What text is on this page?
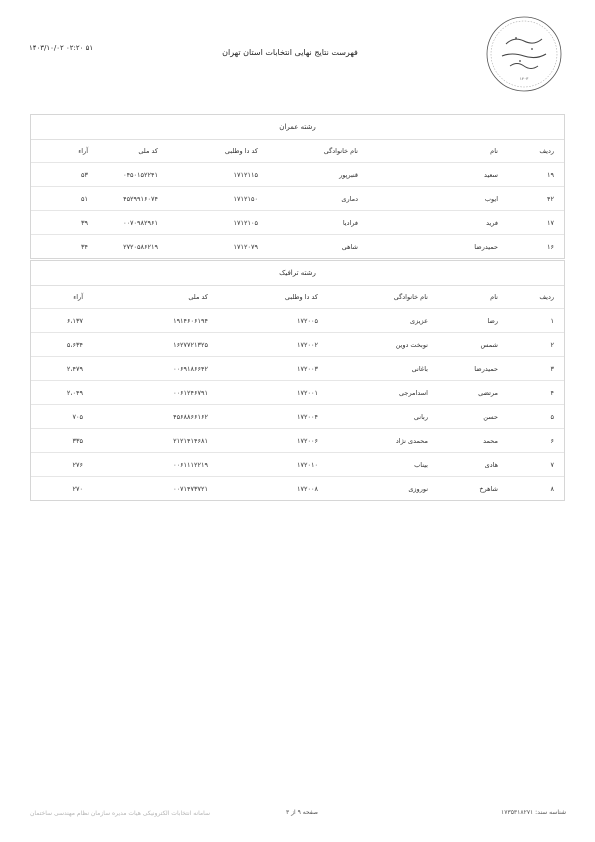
۱۴۰۳/۱۰/۰۲ ۰۲:۲۰ ۵۱	فهرست نتایج نهایی انتخابات استان تهران
۱۴۰۳
رشته عمران
ردیف	نام	نام خانوادگی	کد دا وطلبی	کد ملی	آراء
۱۹	سعید	قنبرپور	۱۷۱۲۱۱۵	۰۴۵۰۱۵۲۲۴۱	۵۳
۴۲	ایوب	دماری	۱۷۱۲۱۵۰	۴۵۲۹۹۱۶۰۷۴	۵۱
۱۷	فرید	فرادیا	۱۷۱۲۱۰۵	۰۰۷۰۹۸۲۹۶۱	۳۹
۱۶	حمیدرضا	شاهی	۱۷۱۲۰۷۹	۲۷۲۰۵۸۶۲۱۹	۳۴
رشته ترافیک
ردیف	نام	نام خانوادگی	کد دا وطلبی	کد ملی	آراء
۱	رضا	عزیزی	۱۷۲۰۰۵	۱۹۱۴۶۰۶۱۹۴	۶،۱۳۷
۲	شمس	نوبخت دوین	۱۷۲۰۰۲	۱۶۲۷۷۲۱۳۲۵	۵،۶۳۴
۳	حمیدرضا	باغانی	۱۷۲۰۰۳	۰۰۶۹۱۸۶۶۴۲	۲،۴۷۹
۴	مرتضی	اسدامرجی	۱۷۲۰۰۱	۰۰۶۱۲۴۶۷۹۱	۲،۰۴۹
۵	حسن	ربانی	۱۷۲۰۰۴	۴۵۶۸۸۶۶۱۶۲	۷۰۵
۶	محمد	محمدی نژاد	۱۷۲۰۰۶	۲۱۲۱۴۱۴۶۸۱	۳۳۵
۷	هادی	بیناب	۱۷۲۰۱۰	۰۰۶۱۱۱۲۲۱۹	۲۷۶
۸	شاهرخ	نوروزی	۱۷۲۰۰۸	۰۰۷۱۴۷۳۷۲۱	۲۷۰
سامانه انتخابات الکترونیکی هیات مدیره سازمان نظام مهندسی ساختمان	صفحه ۹ از ۳	شناسه سند: ۱۷۳۵۳۱۸۲۷۱
